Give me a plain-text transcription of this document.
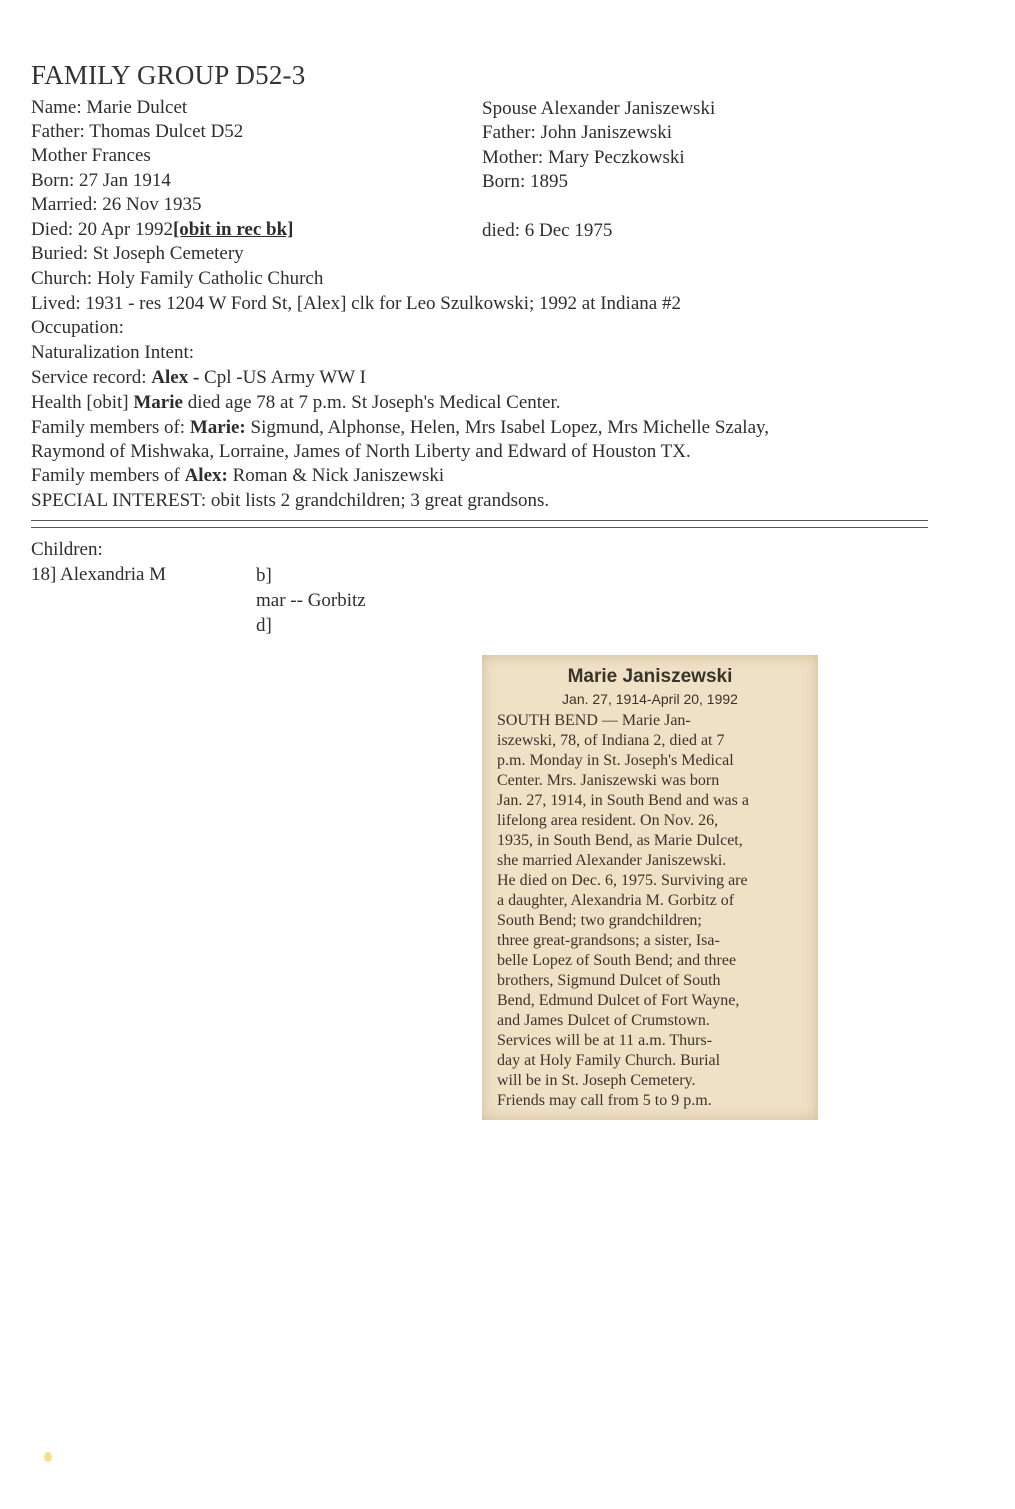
FAMILY GROUP D52-3
Name: Marie Dulcet
Father: Thomas Dulcet D52
Mother Frances
Born: 27 Jan 1914
Married: 26 Nov 1935
Died: 20 Apr 1992[obit in rec bk]
Spouse Alexander Janiszewski
Father: John Janiszewski
Mother: Mary Peczkowski
Born: 1895
died: 6 Dec 1975
Buried: St Joseph Cemetery
Church: Holy Family Catholic Church
Lived: 1931 - res 1204 W Ford St, [Alex] clk for Leo Szulkowski; 1992 at Indiana #2
Occupation:
Naturalization Intent:
Service record: Alex - Cpl -US Army WW I
Health [obit] Marie died age 78 at 7 p.m. St Joseph's Medical Center.
Family members of: Marie: Sigmund, Alphonse, Helen, Mrs Isabel Lopez, Mrs Michelle Szalay,
Raymond of Mishwaka, Lorraine, James of North Liberty and Edward of Houston TX.
Family members of Alex: Roman & Nick Janiszewski
SPECIAL INTEREST: obit lists 2 grandchildren; 3 great grandsons.
Children:
18] Alexandria M	b]
mar -- Gorbitz
d]
Marie Janiszewski
Jan. 27, 1914-April 20, 1992
SOUTH BEND — Marie Jan-
iszewski, 78, of Indiana 2, died at 7
p.m. Monday in St. Joseph's Medical
Center. Mrs. Janiszewski was born
Jan. 27, 1914, in South Bend and was a
lifelong area resident. On Nov. 26,
1935, in South Bend, as Marie Dulcet,
she married Alexander Janiszewski.
He died on Dec. 6, 1975. Surviving are
a daughter, Alexandria M. Gorbitz of
South Bend; two grandchildren;
three great-grandsons; a sister, Isa-
belle Lopez of South Bend; and three
brothers, Sigmund Dulcet of South
Bend, Edmund Dulcet of Fort Wayne,
and James Dulcet of Crumstown.
Services will be at 11 a.m. Thurs-
day at Holy Family Church. Burial
will be in St. Joseph Cemetery.
Friends may call from 5 to 9 p.m.
